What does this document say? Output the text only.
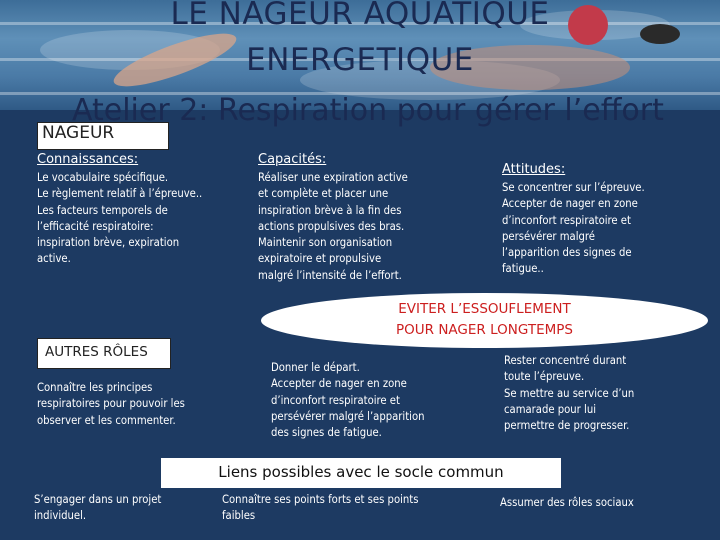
LE NAGEUR AQUATIQUE
ENERGETIQUE
Atelier 2: Respiration pour gérer l’effort
NAGEUR
Connaissances:
Le vocabulaire spécifique.
Le règlement relatif à l’épreuve..
Les facteurs temporels de
l’efficacité respiratoire:
inspiration brève, expiration
active.
Capacités:
Réaliser une expiration active
et complète et placer une
inspiration brève à la fin des
actions propulsives des bras.
Maintenir son organisation
expiratoire et propulsive
malgré l’intensité de l’effort.
Attitudes:
Se concentrer sur l’épreuve.
Accepter de nager en zone
d’inconfort respiratoire et
persévérer malgré
l’apparition des signes de
fatigue..
EVITER L’ESSOUFLEMENT
POUR NAGER LONGTEMPS
AUTRES RÔLES
Connaître les principes
respiratoires pour pouvoir les
observer et les commenter.
Donner le départ.
Accepter de nager en zone
d’inconfort respiratoire et
persévérer malgré l’apparition
des signes de fatigue.
Rester concentré durant
toute l’épreuve.
Se mettre au service d’un
camarade pour lui
permettre de progresser.
Liens possibles avec le socle commun
S’engager dans un projet
individuel.
Connaître ses points forts et ses points
faibles
Assumer des rôles sociaux
